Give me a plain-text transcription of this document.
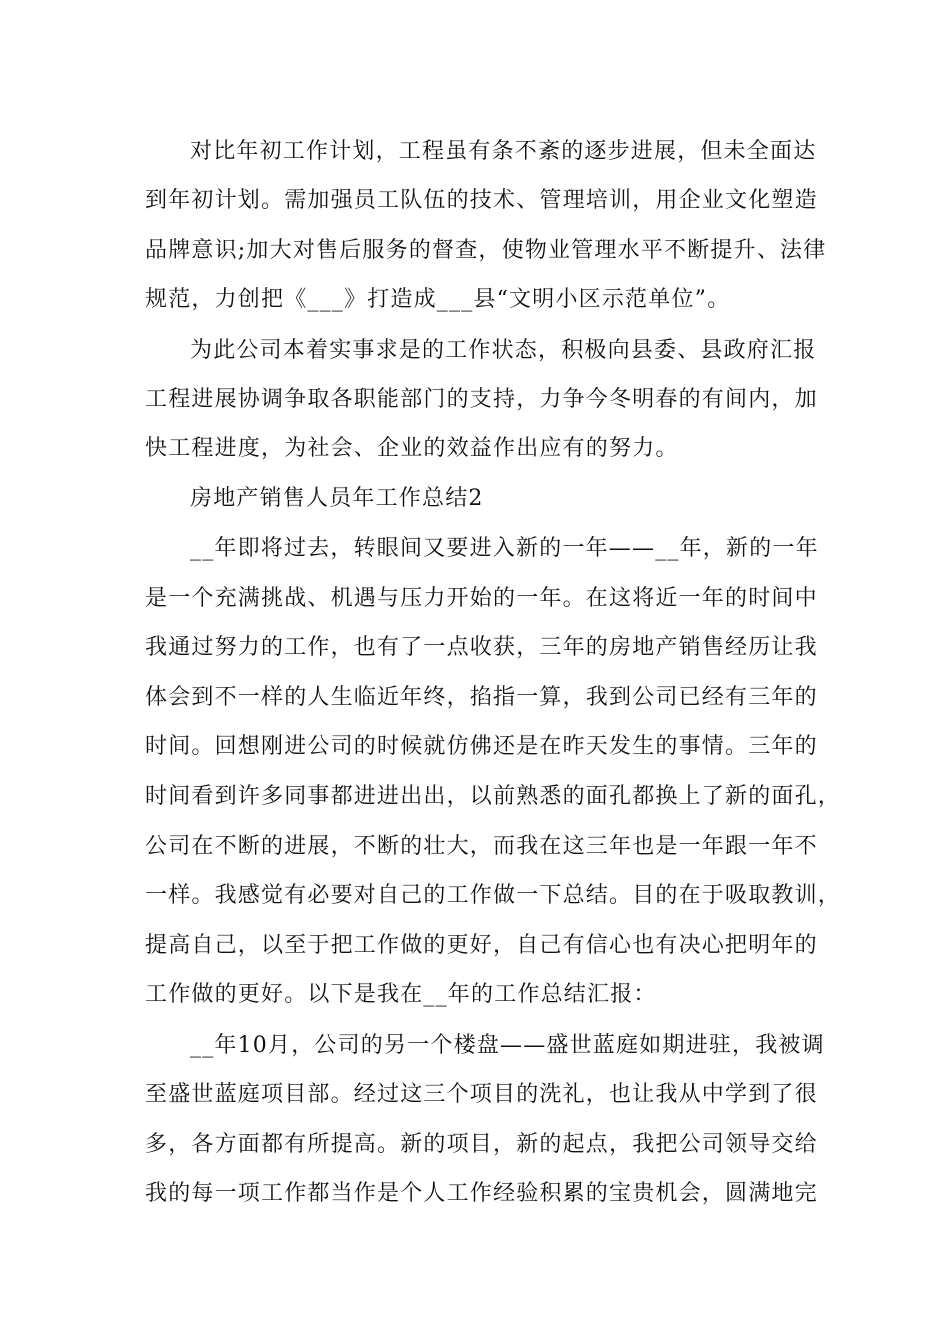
对比年初工作计划，工程虽有条不紊的逐步进展，但未全面达
到年初计划。需加强员工队伍的技术、管理培训，用企业文化塑造
品牌意识;加大对售后服务的督查，使物业管理水平不断提升、法律
规范，力创把《___》打造成___县“文明小区示范单位”。
为此公司本着实事求是的工作状态，积极向县委、县政府汇报
工程进展协调争取各职能部门的支持，力争今冬明春的有间内，加
快工程进度，为社会、企业的效益作出应有的努力。
房地产销售人员年工作总结2
__年即将过去，转眼间又要进入新的一年——__年，新的一年
是一个充满挑战、机遇与压力开始的一年。在这将近一年的时间中
我通过努力的工作，也有了一点收获，三年的房地产销售经历让我
体会到不一样的人生临近年终，掐指一算，我到公司已经有三年的
时间。回想刚进公司的时候就仿佛还是在昨天发生的事情。三年的
时间看到许多同事都进进出出，以前熟悉的面孔都换上了新的面孔，
公司在不断的进展，不断的壮大，而我在这三年也是一年跟一年不
一样。我感觉有必要对自己的工作做一下总结。目的在于吸取教训，
提高自己，以至于把工作做的更好，自己有信心也有决心把明年的
工作做的更好。以下是我在__年的工作总结汇报：
__年10月，公司的另一个楼盘——盛世蓝庭如期进驻，我被调
至盛世蓝庭项目部。经过这三个项目的洗礼，也让我从中学到了很
多，各方面都有所提高。新的项目，新的起点，我把公司领导交给
我的每一项工作都当作是个人工作经验积累的宝贵机会，圆满地完
